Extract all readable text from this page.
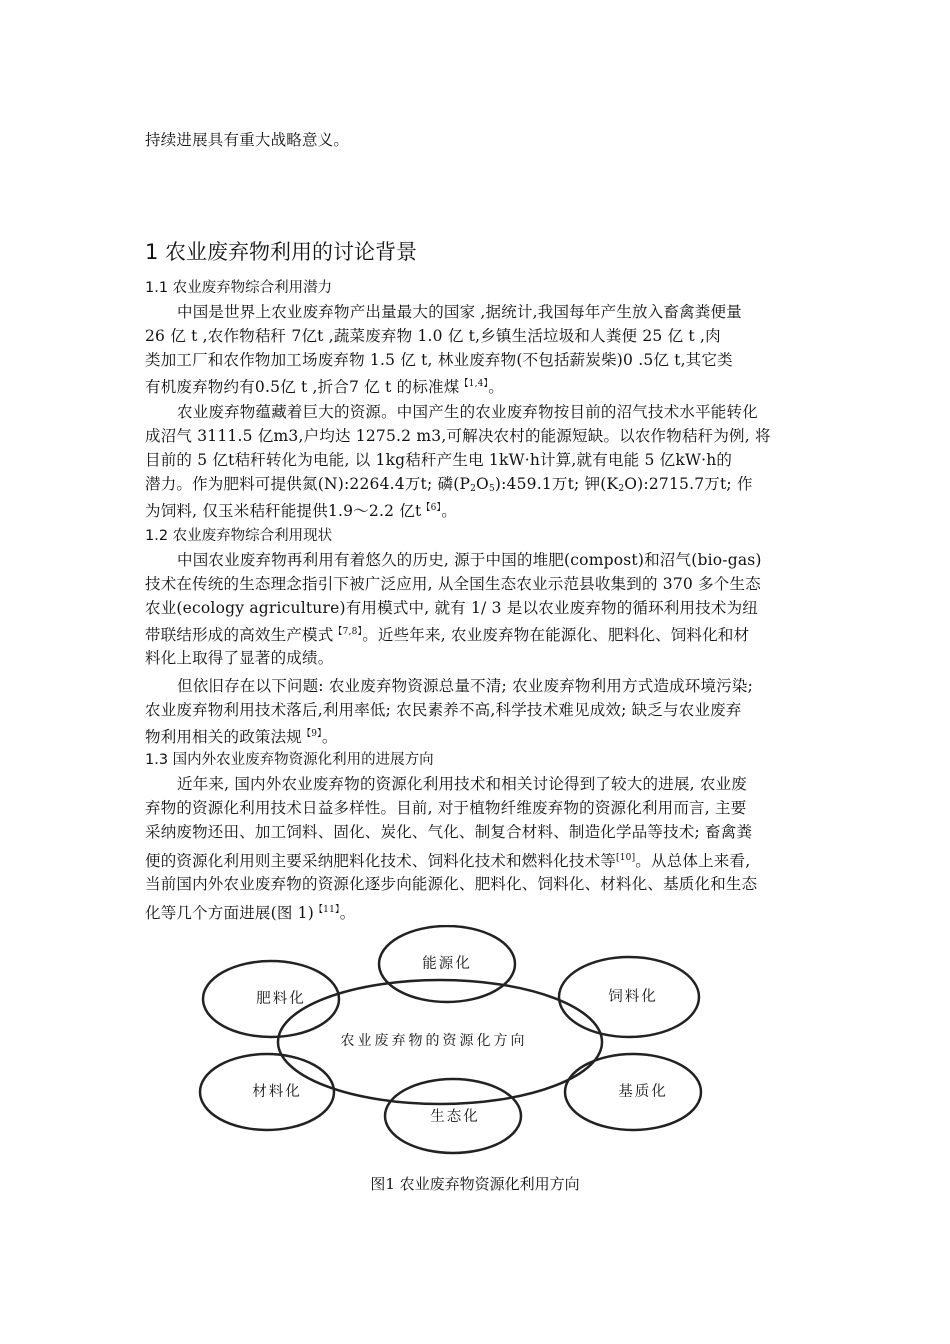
持续进展具有重大战略意义。
1 农业废弃物利用的讨论背景
1.1 农业废弃物综合利用潜力
中国是世界上农业废弃物产出量最大的国家 ,据统计,我国每年产生放入畜禽粪便量
26 亿 t ,农作物秸秆 7亿t ,蔬菜废弃物 1.0 亿 t,乡镇生活垃圾和人粪便 25 亿 t ,肉
类加工厂和农作物加工场废弃物 1.5 亿 t, 林业废弃物(不包括薪炭柴)0 .5亿 t,其它类
有机废弃物约有0.5亿 t ,折合7 亿 t 的标准煤$^{【1,4】}$。
农业废弃物蕴藏着巨大的资源。中国产生的农业废弃物按目前的沼气技术水平能转化
成沼气 3111.5 亿m3,户均达 1275.2 m3,可解决农村的能源短缺。以农作物秸秆为例, 将
目前的 5 亿t秸秆转化为电能, 以 1kg秸秆产生电 1kW·h计算,就有电能 5 亿kW·h的
潜力。作为肥料可提供氮(N):2264.4万t; 磷$(P_2O_5):459.1$万t; 钾$(K_2O):2715.7$万t; 作
为饲料, 仅玉米秸秆能提供1.9～2.2 亿$t^{【6】}$。
1.2 农业废弃物综合利用现状
中国农业废弃物再利用有着悠久的历史, 源于中国的堆肥(compost)和沼气(bio-gas)
技术在传统的生态理念指引下被广泛应用, 从全国生态农业示范县收集到的 370 多个生态
农业(ecology agriculture)有用模式中, 就有 1/ 3 是以农业废弃物的循环利用技术为纽
带联结形成的高效生产模式$^{【7,8】}$。近些年来, 农业废弃物在能源化、肥料化、饲料化和材
料化上取得了显著的成绩。
但依旧存在以下问题: 农业废弃物资源总量不清; 农业废弃物利用方式造成环境污染;
农业废弃物利用技术落后,利用率低; 农民素养不高,科学技术难见成效; 缺乏与农业废弃
物利用相关的政策法规$^{【9】}$。
1.3 国内外农业废弃物资源化利用的进展方向
近年来, 国内外农业废弃物的资源化利用技术和相关讨论得到了较大的进展, 农业废
弃物的资源化利用技术日益多样性。目前, 对于植物纤维废弃物的资源化利用而言, 主要
采纳废物还田、加工饲料、固化、炭化、气化、制复合材料、制造化学品等技术; 畜禽粪
便的资源化利用则主要采纳肥料化技术、饲料化技术和燃料化技术等[10]。从总体上来看,
当前国内外农业废弃物的资源化逐步向能源化、肥料化、饲料化、材料化、基质化和生态
化等几个方面进展(图 1)$^{【11】}$。
农业废弃物的资源化方向
能源化
饲料化
基质化
生态化
材料化
肥料化
图1 农业废弃物资源化利用方向
